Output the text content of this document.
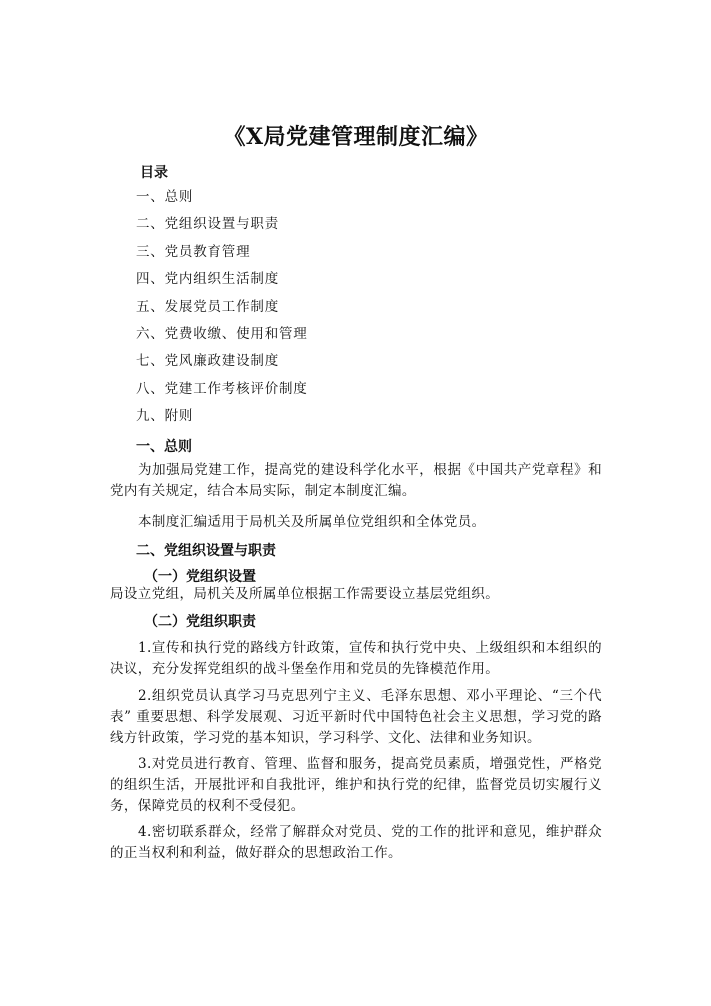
《X局党建管理制度汇编》
目录
一、总则
二、党组织设置与职责
三、党员教育管理
四、党内组织生活制度
五、发展党员工作制度
六、党费收缴、使用和管理
七、党风廉政建设制度
八、党建工作考核评价制度
九、附则
一、总则

为加强局党建工作，提高党的建设科学化水平，根据《中国共产党章程》和党内有关规定，结合本局实际，制定本制度汇编。

本制度汇编适用于局机关及所属单位党组织和全体党员。

二、党组织设置与职责
（一）党组织设置

局设立党组，局机关及所属单位根据工作需要设立基层党组织。

（二）党组织职责

1.宣传和执行党的路线方针政策，宣传和执行党中央、上级组织和本组织的决议，充分发挥党组织的战斗堡垒作用和党员的先锋模范作用。

2.组织党员认真学习马克思列宁主义、毛泽东思想、邓小平理论、“三个代表” 重要思想、科学发展观、习近平新时代中国特色社会主义思想，学习党的路线方针政策，学习党的基本知识，学习科学、文化、法律和业务知识。

3.对党员进行教育、管理、监督和服务，提高党员素质，增强党性，严格党的组织生活，开展批评和自我批评，维护和执行党的纪律，监督党员切实履行义务，保障党员的权利不受侵犯。

4.密切联系群众，经常了解群众对党员、党的工作的批评和意见，维护群众的正当权利和利益，做好群众的思想政治工作。
